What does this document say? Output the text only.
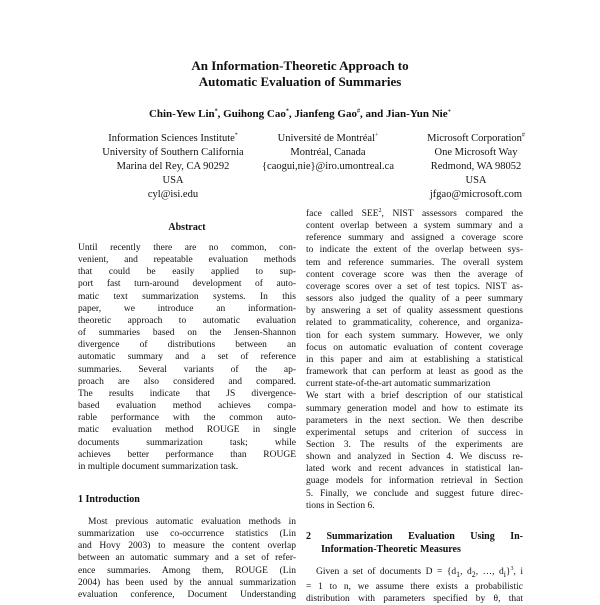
An Information-Theoretic Approach to
Automatic Evaluation of Summaries
Chin-Yew Lin*, Guihong Cao*, Jianfeng Gao#, and Jian-Yun Nie+
Information Sciences Institute*
University of Southern California
Marina del Rey, CA 90292
USA
cyl@isi.edu
Université de Montréal+
Montréal, Canada
{caogui,nie}@iro.umontreal.ca
Microsoft Corporation#
One Microsoft Way
Redmond, WA 98052
USA
jfgao@microsoft.com
Abstract
Until recently there are no common, con-
venient, and repeatable evaluation methods
that could be easily applied to sup-
port fast turn-around development of auto-
matic text summarization systems. In this
paper, we introduce an information-
theoretic approach to automatic evaluation
of summaries based on the Jensen-Shannon
divergence of distributions between an
automatic summary and a set of reference
summaries. Several variants of the ap-
proach are also considered and compared.
The results indicate that JS divergence-
based evaluation method achieves compa-
rable performance with the common auto-
matic evaluation method ROUGE in single
documents summarization task; while
achieves better performance than ROUGE
in multiple document summarization task.
1 Introduction
Most previous automatic evaluation methods in
summarization use co-occurrence statistics (Lin
and Hovy 2003) to measure the content overlap
between an automatic summary and a set of refer-
ence summaries. Among them, ROUGE (Lin
2004) has been used by the annual summarization
evaluation conference, Document Understanding
face called SEE$^2$, NIST assessors compared the
content overlap between a system summary and a
reference summary and assigned a coverage score
to indicate the extent of the overlap between sys-
tem and reference summaries. The overall system
content coverage score was then the average of
coverage scores over a set of test topics. NIST as-
sessors also judged the quality of a peer summary
by answering a set of quality assessment questions
related to grammaticality, coherence, and organiza-
tion for each system summary. However, we only
focus on automatic evaluation of content coverage
in this paper and aim at establishing a statistical
framework that can perform at least as good as the
current state-of-the-art automatic summarization
We start with a brief description of our statistical
summary generation model and how to estimate its
parameters in the next section. We then describe
experimental setups and criterion of success in
Section 3. The results of the experiments are
shown and analyzed in Section 4. We discuss re-
lated work and recent advances in statistical lan-
guage models for information retrieval in Section
5. Finally, we conclude and suggest future direc-
tions in Section 6.
2 Summarization Evaluation Using In-
Information-Theoretic Measures
Given a set of documents $D = \{d_1$, $d_2$, …, $d_i\}^3$, i
= 1 to n, we assume there exists a probabilistic
distribution with parameters specified by θ, that
